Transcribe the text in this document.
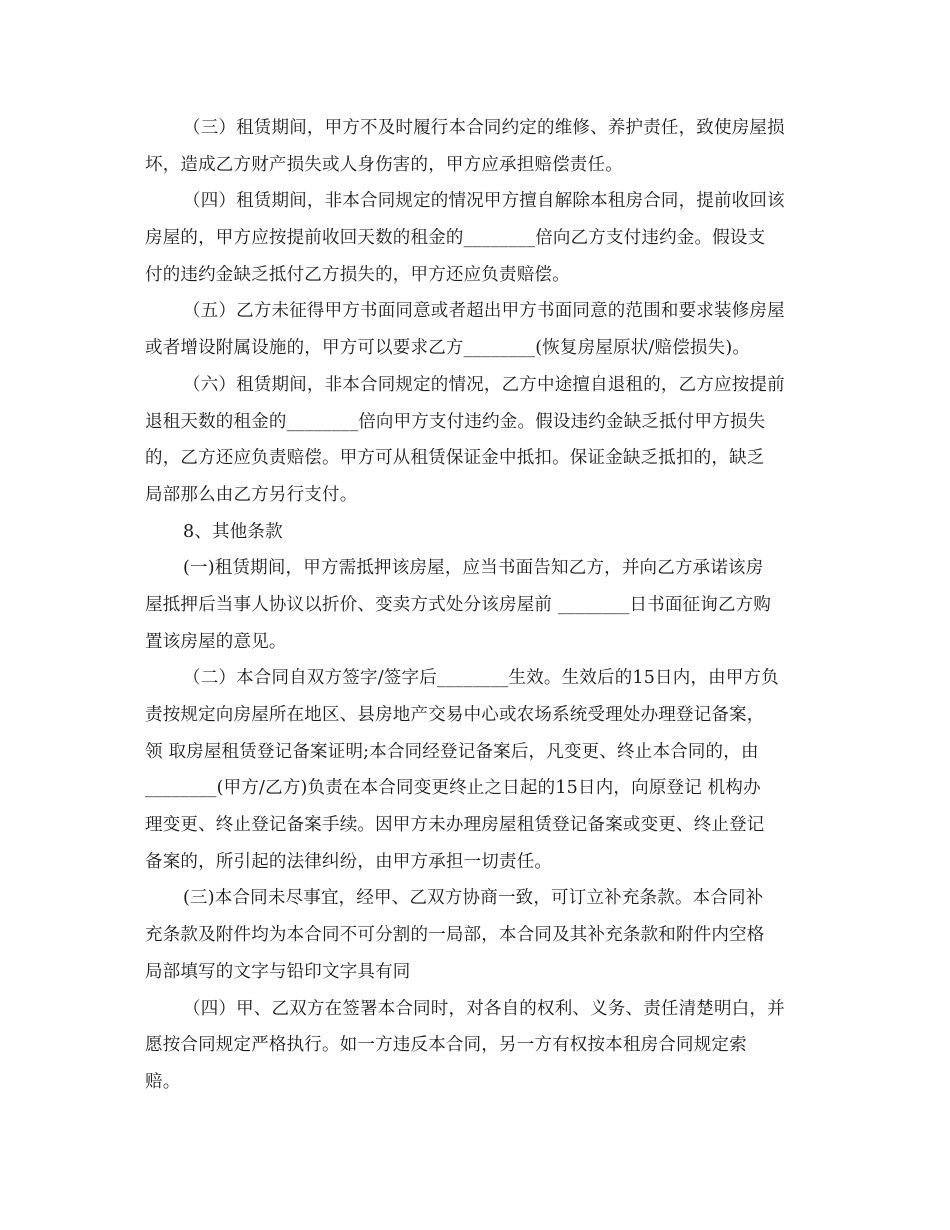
（三）租赁期间，甲方不及时履行本合同约定的维修、养护责任，致使房屋损
坏，造成乙方财产损失或人身伤害的，甲方应承担赔偿责任。
（四）租赁期间，非本合同规定的情况甲方擅自解除本租房合同，提前收回该
房屋的，甲方应按提前收回天数的租金的________倍向乙方支付违约金。假设支
付的违约金缺乏抵付乙方损失的，甲方还应负责赔偿。
（五）乙方未征得甲方书面同意或者超出甲方书面同意的范围和要求装修房屋
或者增设附属设施的，甲方可以要求乙方________(恢复房屋原状/赔偿损失)。
（六）租赁期间，非本合同规定的情况，乙方中途擅自退租的，乙方应按提前
退租天数的租金的________倍向甲方支付违约金。假设违约金缺乏抵付甲方损失
的，乙方还应负责赔偿。甲方可从租赁保证金中抵扣。保证金缺乏抵扣的，缺乏
局部那么由乙方另行支付。
8、其他条款
(一)租赁期间，甲方需抵押该房屋，应当书面告知乙方，并向乙方承诺该房
屋抵押后当事人协议以折价、变卖方式处分该房屋前 ________日书面征询乙方购
置该房屋的意见。
（二）本合同自双方签字/签字后________生效。生效后的15日内，由甲方负
责按规定向房屋所在地区、县房地产交易中心或农场系统受理处办理登记备案，
领 取房屋租赁登记备案证明;本合同经登记备案后，凡变更、终止本合同的，由
________(甲方/乙方)负责在本合同变更终止之日起的15日内，向原登记 机构办
理变更、终止登记备案手续。因甲方未办理房屋租赁登记备案或变更、终止登记
备案的，所引起的法律纠纷，由甲方承担一切责任。
(三)本合同未尽事宜，经甲、乙双方协商一致，可订立补充条款。本合同补
充条款及附件均为本合同不可分割的一局部，本合同及其补充条款和附件内空格
局部填写的文字与铅印文字具有同
（四）甲、乙双方在签署本合同时，对各自的权利、义务、责任清楚明白，并
愿按合同规定严格执行。如一方违反本合同，另一方有权按本租房合同规定索
赔。
